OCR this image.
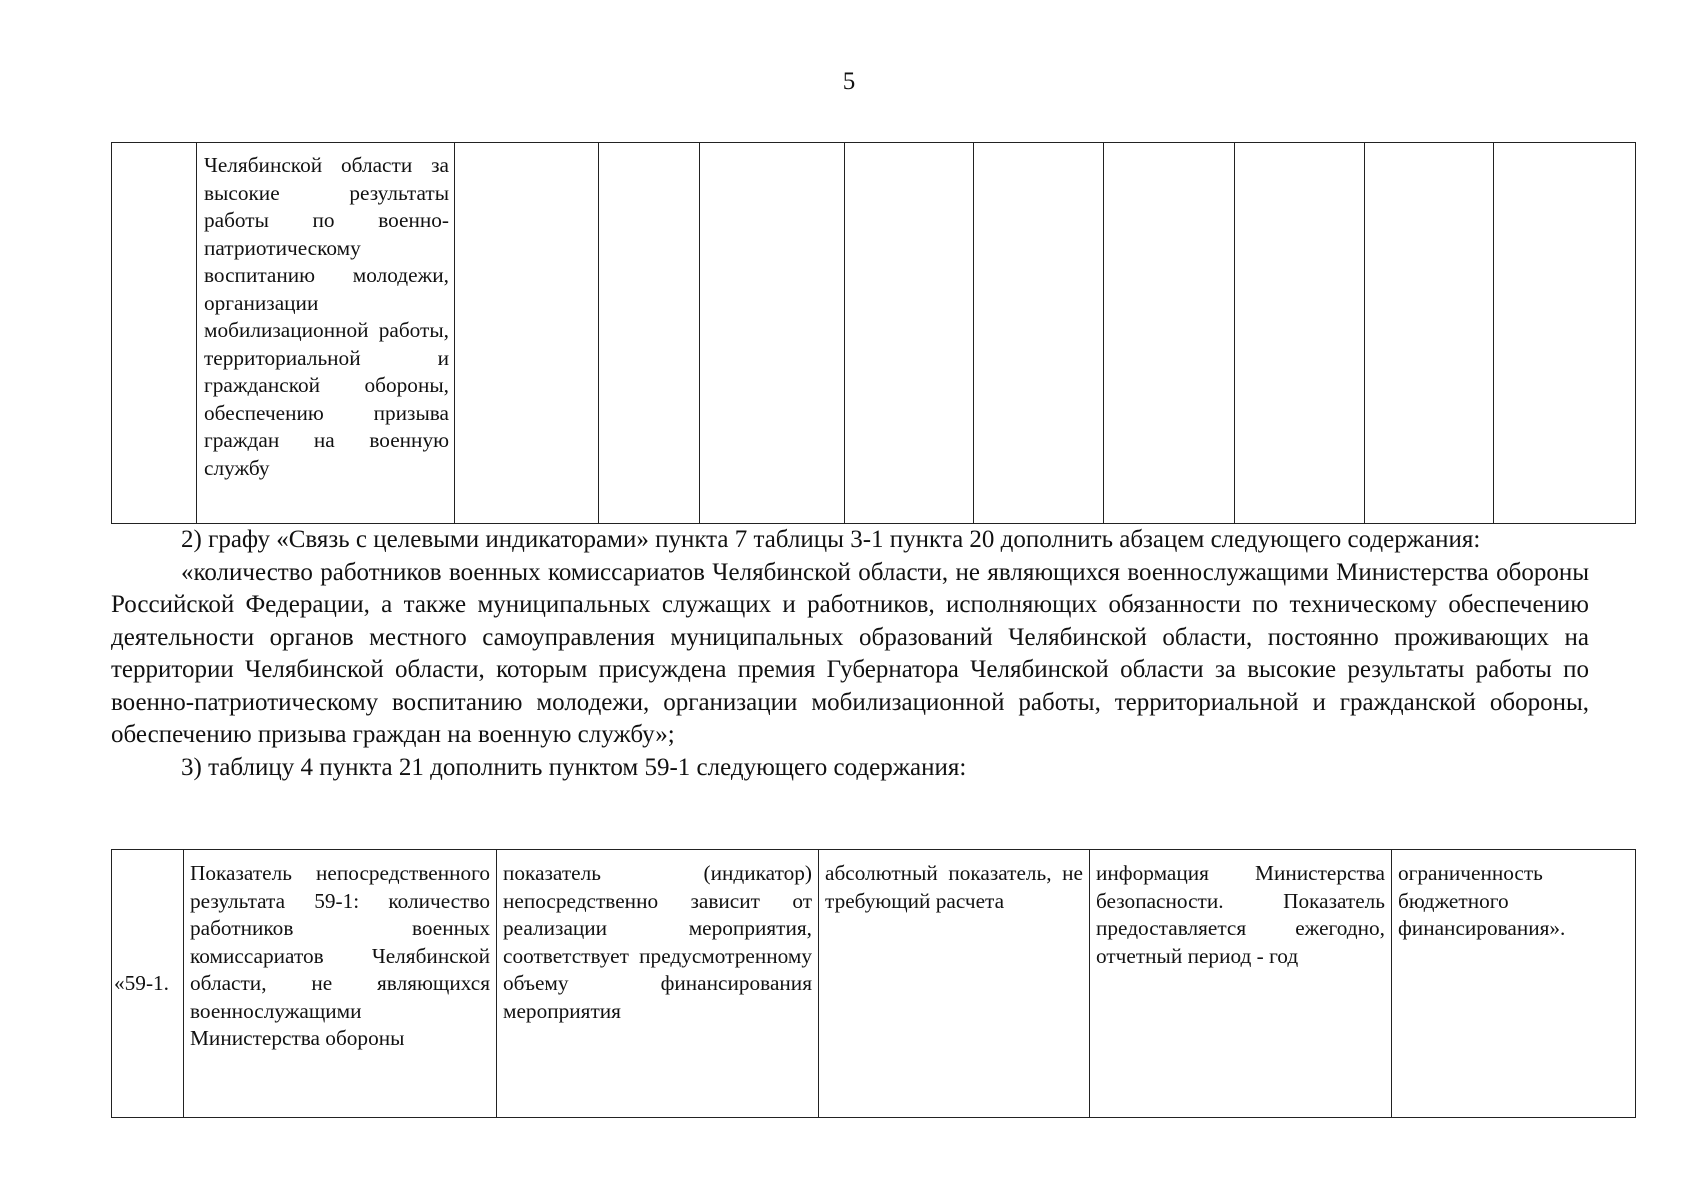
5
	Челябинской области за высокие результаты работы по военно-патриотическому воспитанию молодежи, организации мобилизационной работы, территориальной и гражданской обороны, обеспечению призыва граждан на военную службу									

2) графу «Связь с целевыми индикаторами» пункта 7 таблицы 3-1 пункта 20 дополнить абзацем следующего содержания:

«количество работников военных комиссариатов Челябинской области, не являющихся военнослужащими Министерства обороны Российской Федерации, а также муниципальных служащих и работников, исполняющих обязанности по техническому обеспечению деятельности органов местного самоуправления муниципальных образований Челябинской области, постоянно проживающих на территории Челябинской области, которым присуждена премия Губернатора Челябинской области за высокие результаты работы по военно-патриотическому воспитанию молодежи, организации мобилизационной работы, территориальной и гражданской обороны, обеспечению призыва граждан на военную службу»;

3) таблицу 4 пункта 21 дополнить пунктом 59-1 следующего содержания:

«59-1.	Показатель непосредственного результата 59-1: количество работников военных комиссариатов Челябинской области, не являющихся военнослужащими Министерства обороны	показатель (индикатор) непосредственно зависит от реализации мероприятия, соответствует предусмотренному объему финансирования мероприятия	абсолютный показатель, не требующий расчета	информация Министерства безопасности. Показатель предоставляется ежегодно, отчетный период - год	ограниченность бюджетного финансирования».
